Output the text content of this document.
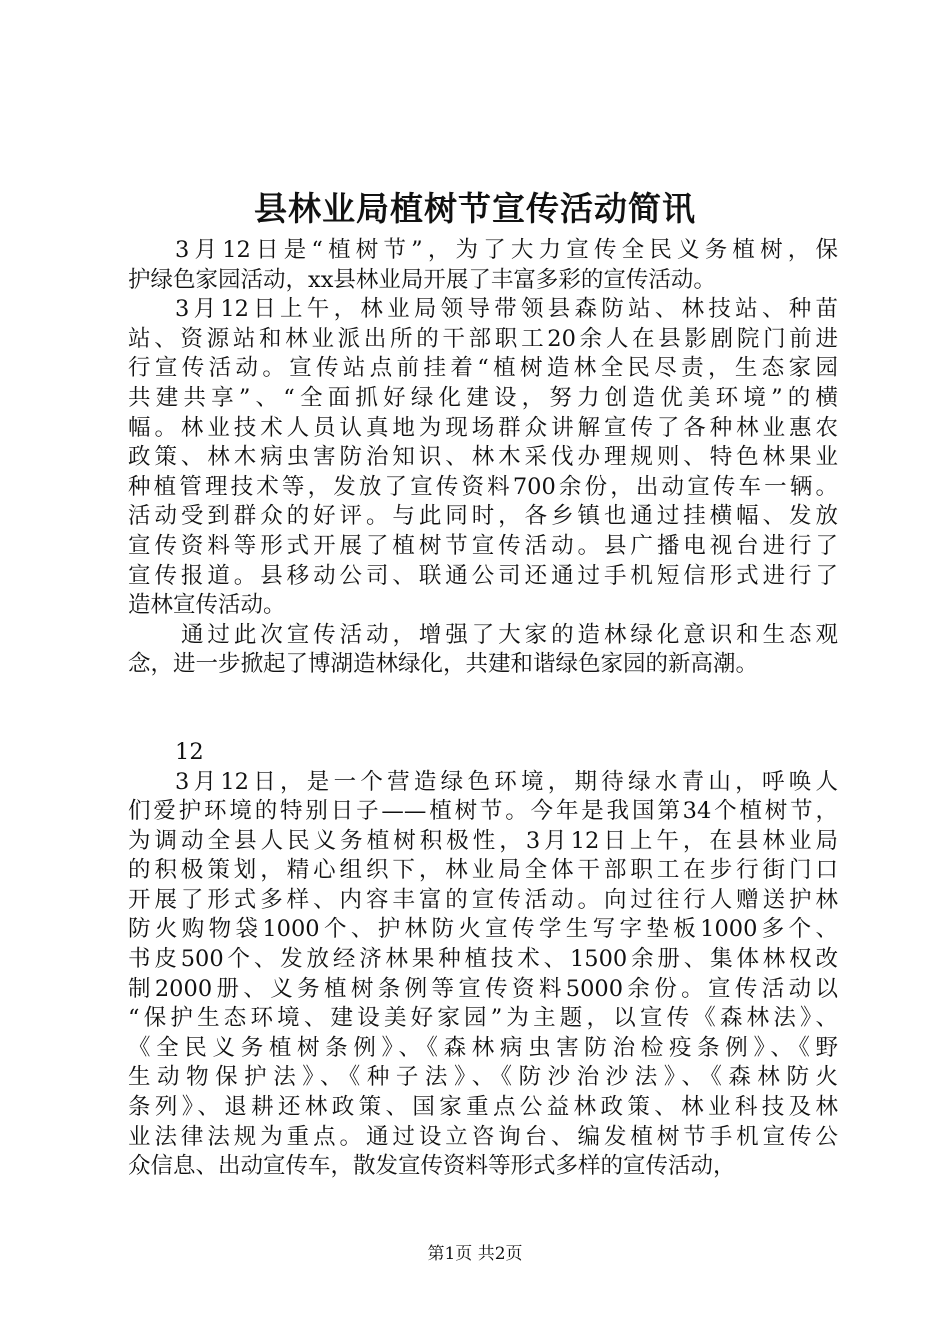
县林业局植树节宣传活动简讯
3月12日是“植树节”，为了大力宣传全民义务植树，保
护绿色家园活动，xx县林业局开展了丰富多彩的宣传活动。
3月12日上午，林业局领导带领县森防站、林技站、种苗
站、资源站和林业派出所的干部职工20余人在县影剧院门前进
行宣传活动。宣传站点前挂着“植树造林全民尽责，生态家园
共建共享”、“全面抓好绿化建设，努力创造优美环境”的横
幅。林业技术人员认真地为现场群众讲解宣传了各种林业惠农
政策、林木病虫害防治知识、林木采伐办理规则、特色林果业
种植管理技术等，发放了宣传资料700余份，出动宣传车一辆。
活动受到群众的好评。与此同时，各乡镇也通过挂横幅、发放
宣传资料等形式开展了植树节宣传活动。县广播电视台进行了
宣传报道。县移动公司、联通公司还通过手机短信形式进行了
造林宣传活动。
通过此次宣传活动，增强了大家的造林绿化意识和生态观
念，进一步掀起了博湖造林绿化，共建和谐绿色家园的新高潮。
12
3月12日，是一个营造绿色环境，期待绿水青山，呼唤人
们爱护环境的特别日子——植树节。今年是我国第34个植树节，
为调动全县人民义务植树积极性，3月12日上午，在县林业局
的积极策划，精心组织下，林业局全体干部职工在步行街门口
开展了形式多样、内容丰富的宣传活动。向过往行人赠送护林
防火购物袋1000个、护林防火宣传学生写字垫板1000多个、
书皮500个、发放经济林果种植技术、1500余册、集体林权改
制2000册、义务植树条例等宣传资料5000余份。宣传活动以
“保护生态环境、建设美好家园”为主题，以宣传《森林法》、
《全民义务植树条例》、《森林病虫害防治检疫条例》、《野
生动物保护法》、《种子法》、《防沙治沙法》、《森林防火
条列》、退耕还林政策、国家重点公益林政策、林业科技及林
业法律法规为重点。通过设立咨询台、编发植树节手机宣传公
众信息、出动宣传车，散发宣传资料等形式多样的宣传活动，
第1页 共2页
